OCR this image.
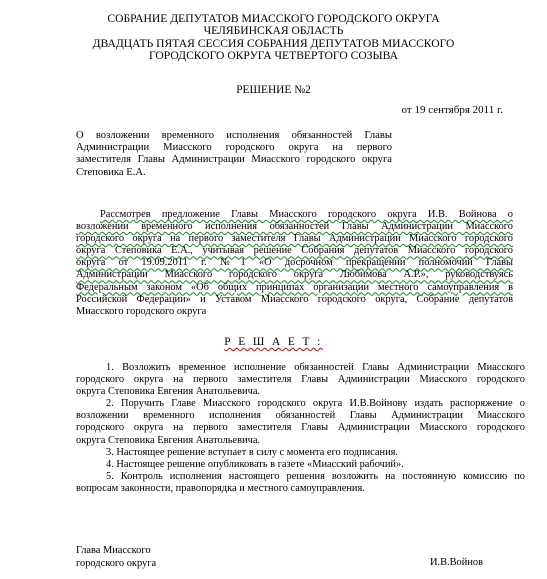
СОБРАНИЕ ДЕПУТАТОВ МИАССКОГО ГОРОДСКОГО ОКРУГА
ЧЕЛЯБИНСКАЯ ОБЛАСТЬ
ДВАДЦАТЬ ПЯТАЯ СЕССИЯ СОБРАНИЯ ДЕПУТАТОВ МИАССКОГО
ГОРОДСКОГО ОКРУГА ЧЕТВЕРТОГО СОЗЫВА
РЕШЕНИЕ №2
от 19 сентября 2011 г.
О возложении временного исполнения обязанностей Главы
Администрации Миасского городского округа на первого
заместителя Главы Администрации Миасского городского округа
Степовика Е.А.
Рассмотрев предложение Главы Миасского городского округа И.В. Войнова о
возложении временного исполнения обязанностей Главы Администрации Миасского
городского округа на первого заместителя Главы Администрации Миасского городского
округа Степовика Е.А., учитывая решение Собрания депутатов Миасского городского
округа от 19.09.2011 г. №1 «О досрочном прекращении полномочий Главы
Администрации Миасского городского округа Любимова А.Р.», руководствуясь
Федеральным законом «Об общих принципах организации местного самоуправления в
Российской Федерации» и Уставом Миасского городского округа, Собрание депутатов
Миасского городского округа
Р Е Ш А Е Т :
1. Возложить временное исполнение обязанностей Главы Администрации Миасского
городского округа на первого заместителя Главы Администрации Миасского городского
округа Степовика Евгения Анатольевича.
2. Поручить Главе Миасского городского округа И.В.Войнову издать распоряжение о
возложении временного исполнения обязанностей Главы Администрации Миасского
городского округа на первого заместителя Главы Администрации Миасского городского
округа Степовика Евгения Анатольевича.
3. Настоящее решение вступает в силу с момента его подписания.
4. Настоящее решение опубликовать в газете «Миасский рабочий».
5. Контроль исполнения настоящего решения возложить на постоянную комиссию по
вопросам законности, правопорядка и местного самоуправления.
Глава Миасского
городского округа	И.В.Войнов
